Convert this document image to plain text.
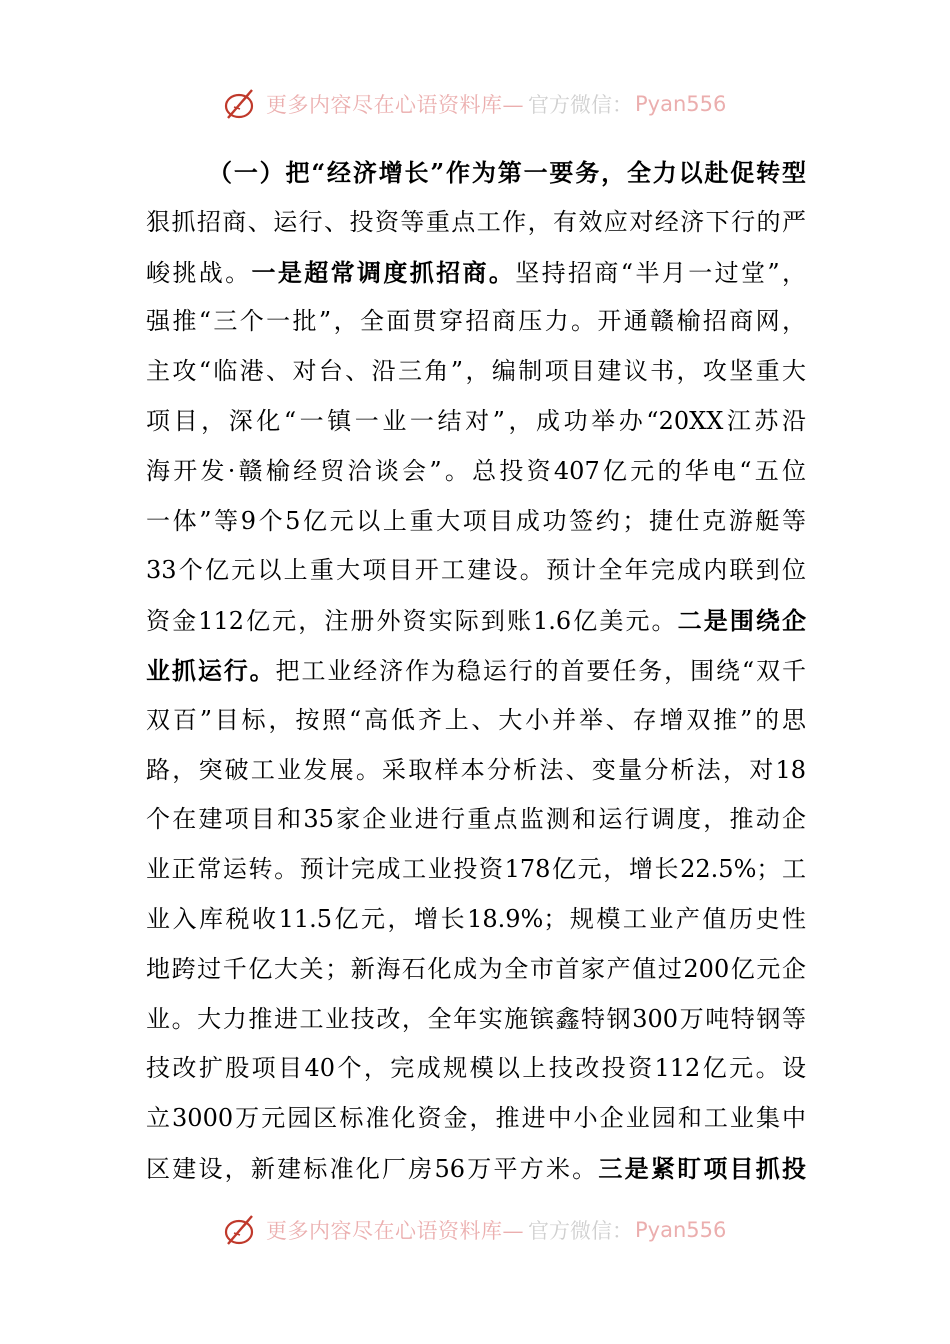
更多内容尽在心语资料库— 官方微信： Pyan556
（一）把“经济增长”作为第一要务，全力以赴促转型
狠抓招商、运行、投资等重点工作，有效应对经济下行的严
峻挑战。一是超常调度抓招商。坚持招商“半月一过堂”，
强推“三个一批”，全面贯穿招商压力。开通赣榆招商网，
主攻“临港、对台、沿三角”，编制项目建议书，攻坚重大
项目，深化“一镇一业一结对”，成功举办“20XX江苏沿
海开发·赣榆经贸洽谈会”。总投资407亿元的华电“五位
一体”等9个5亿元以上重大项目成功签约；捷仕克游艇等
33个亿元以上重大项目开工建设。预计全年完成内联到位
资金112亿元，注册外资实际到账1.6亿美元。二是围绕企
业抓运行。把工业经济作为稳运行的首要任务，围绕“双千
双百”目标，按照“高低齐上、大小并举、存增双推”的思
路，突破工业发展。采取样本分析法、变量分析法，对18
个在建项目和35家企业进行重点监测和运行调度，推动企
业正常运转。预计完成工业投资178亿元，增长22.5%；工
业入库税收11.5亿元，增长18.9%；规模工业产值历史性
地跨过千亿大关；新海石化成为全市首家产值过200亿元企
业。大力推进工业技改，全年实施镔鑫特钢300万吨特钢等
技改扩股项目40个，完成规模以上技改投资112亿元。设
立3000万元园区标准化资金，推进中小企业园和工业集中
区建设，新建标准化厂房56万平方米。三是紧盯项目抓投
更多内容尽在心语资料库— 官方微信： Pyan556
